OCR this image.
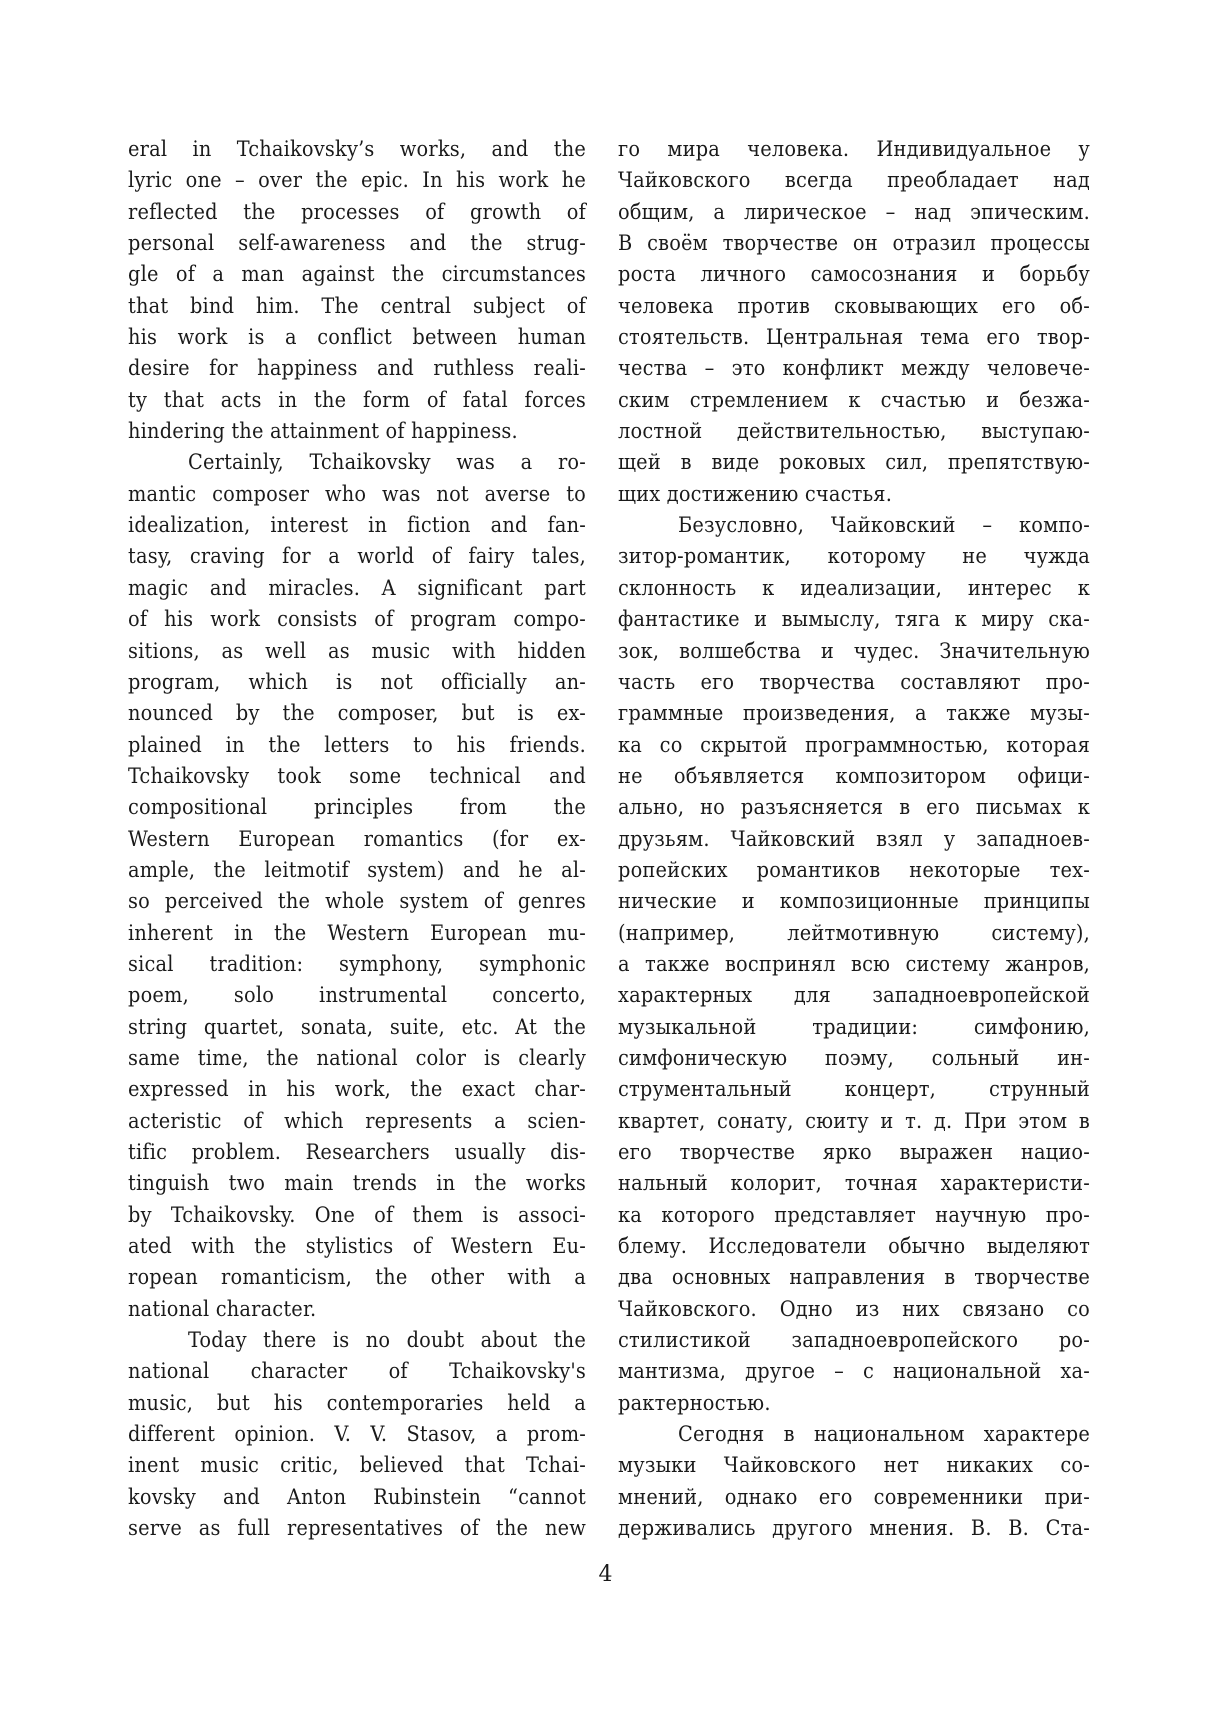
eral in Tchaikovsky’s works, and the
lyric one – over the epic. In his work he
reflected the processes of growth of
personal self-awareness and the strug-
gle of a man against the circumstances
that bind him. The central subject of
his work is a conflict between human
desire for happiness and ruthless reali-
ty that acts in the form of fatal forces
hindering the attainment of happiness.
Certainly, Tchaikovsky was a ro-
mantic composer who was not averse to
idealization, interest in fiction and fan-
tasy, craving for a world of fairy tales,
magic and miracles. A significant part
of his work consists of program compo-
sitions, as well as music with hidden
program, which is not officially an-
nounced by the composer, but is ex-
plained in the letters to his friends.
Tchaikovsky took some technical and
compositional principles from the
Western European romantics (for ex-
ample, the leitmotif system) and he al-
so perceived the whole system of genres
inherent in the Western European mu-
sical tradition: symphony, symphonic
poem, solo instrumental concerto,
string quartet, sonata, suite, etc. At the
same time, the national color is clearly
expressed in his work, the exact char-
acteristic of which represents a scien-
tific problem. Researchers usually dis-
tinguish two main trends in the works
by Tchaikovsky. One of them is associ-
ated with the stylistics of Western Eu-
ropean romanticism, the other with a
national character.
Today there is no doubt about the
national character of Tchaikovsky's
music, but his contemporaries held a
different opinion. V. V. Stasov, a prom-
inent music critic, believed that Tchai-
kovsky and Anton Rubinstein “cannot
serve as full representatives of the new
го мира человека. Индивидуальное у
Чайковского всегда преобладает над
общим, а лирическое – над эпическим.
В своём творчестве он отразил процессы
роста личного самосознания и борьбу
человека против сковывающих его об-
стоятельств. Центральная тема его твор-
чества – это конфликт между человече-
ским стремлением к счастью и безжа-
лостной действительностью, выступаю-
щей в виде роковых сил, препятствую-
щих достижению счастья.
Безусловно, Чайковский – компо-
зитор-романтик, которому не чужда
склонность к идеализации, интерес к
фантастике и вымыслу, тяга к миру ска-
зок, волшебства и чудес. Значительную
часть его творчества составляют про-
граммные произведения, а также музы-
ка со скрытой программностью, которая
не объявляется композитором офици-
ально, но разъясняется в его письмах к
друзьям. Чайковский взял у западноев-
ропейских романтиков некоторые тех-
нические и композиционные принципы
(например, лейтмотивную систему),
а также воспринял всю систему жанров,
характерных для западноевропейской
музыкальной традиции: симфонию,
симфоническую поэму, сольный ин-
струментальный концерт, струнный
квартет, сонату, сюиту и т. д. При этом в
его творчестве ярко выражен нацио-
нальный колорит, точная характеристи-
ка которого представляет научную про-
блему. Исследователи обычно выделяют
два основных направления в творчестве
Чайковского. Одно из них связано со
стилистикой западноевропейского ро-
мантизма, другое – с национальной ха-
рактерностью.
Сегодня в национальном характере
музыки Чайковского нет никаких со-
мнений, однако его современники при-
держивались другого мнения. В. В. Ста-
4
